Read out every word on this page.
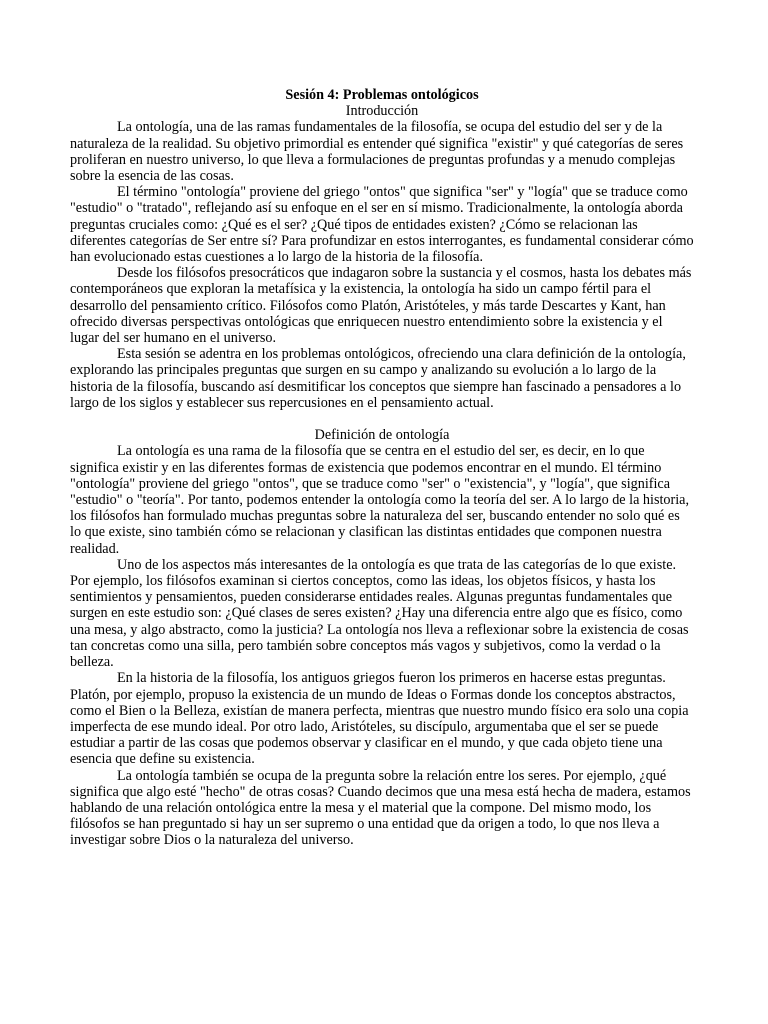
Sesión 4: Problemas ontológicos
Introducción

La ontología, una de las ramas fundamentales de la filosofía, se ocupa del estudio del ser y de la naturaleza de la realidad. Su objetivo primordial es entender qué significa "existir" y qué categorías de seres proliferan en nuestro universo, lo que lleva a formulaciones de preguntas profundas y a menudo complejas sobre la esencia de las cosas.

El término "ontología" proviene del griego "ontos" que significa "ser" y "logía" que se traduce como "estudio" o "tratado", reflejando así su enfoque en el ser en sí mismo. Tradicionalmente, la ontología aborda preguntas cruciales como: ¿Qué es el ser? ¿Qué tipos de entidades existen? ¿Cómo se relacionan las diferentes categorías de Ser entre sí? Para profundizar en estos interrogantes, es fundamental considerar cómo han evolucionado estas cuestiones a lo largo de la historia de la filosofía.

Desde los filósofos presocráticos que indagaron sobre la sustancia y el cosmos, hasta los debates más contemporáneos que exploran la metafísica y la existencia, la ontología ha sido un campo fértil para el desarrollo del pensamiento crítico. Filósofos como Platón, Aristóteles, y más tarde Descartes y Kant, han ofrecido diversas perspectivas ontológicas que enriquecen nuestro entendimiento sobre la existencia y el lugar del ser humano en el universo.

Esta sesión se adentra en los problemas ontológicos, ofreciendo una clara definición de la ontología, explorando las principales preguntas que surgen en su campo y analizando su evolución a lo largo de la historia de la filosofía, buscando así desmitificar los conceptos que siempre han fascinado a pensadores a lo largo de los siglos y establecer sus repercusiones en el pensamiento actual.

Definición de ontología

La ontología es una rama de la filosofía que se centra en el estudio del ser, es decir, en lo que significa existir y en las diferentes formas de existencia que podemos encontrar en el mundo. El término "ontología" proviene del griego "ontos", que se traduce como "ser" o "existencia", y "logía", que significa "estudio" o "teoría". Por tanto, podemos entender la ontología como la teoría del ser. A lo largo de la historia, los filósofos han formulado muchas preguntas sobre la naturaleza del ser, buscando entender no solo qué es lo que existe, sino también cómo se relacionan y clasifican las distintas entidades que componen nuestra realidad.

Uno de los aspectos más interesantes de la ontología es que trata de las categorías de lo que existe. Por ejemplo, los filósofos examinan si ciertos conceptos, como las ideas, los objetos físicos, y hasta los sentimientos y pensamientos, pueden considerarse entidades reales. Algunas preguntas fundamentales que surgen en este estudio son: ¿Qué clases de seres existen? ¿Hay una diferencia entre algo que es físico, como una mesa, y algo abstracto, como la justicia? La ontología nos lleva a reflexionar sobre la existencia de cosas tan concretas como una silla, pero también sobre conceptos más vagos y subjetivos, como la verdad o la belleza.

En la historia de la filosofía, los antiguos griegos fueron los primeros en hacerse estas preguntas. Platón, por ejemplo, propuso la existencia de un mundo de Ideas o Formas donde los conceptos abstractos, como el Bien o la Belleza, existían de manera perfecta, mientras que nuestro mundo físico era solo una copia imperfecta de ese mundo ideal. Por otro lado, Aristóteles, su discípulo, argumentaba que el ser se puede estudiar a partir de las cosas que podemos observar y clasificar en el mundo, y que cada objeto tiene una esencia que define su existencia.

La ontología también se ocupa de la pregunta sobre la relación entre los seres. Por ejemplo, ¿qué significa que algo esté "hecho" de otras cosas? Cuando decimos que una mesa está hecha de madera, estamos hablando de una relación ontológica entre la mesa y el material que la compone. Del mismo modo, los filósofos se han preguntado si hay un ser supremo o una entidad que da origen a todo, lo que nos lleva a investigar sobre Dios o la naturaleza del universo.
